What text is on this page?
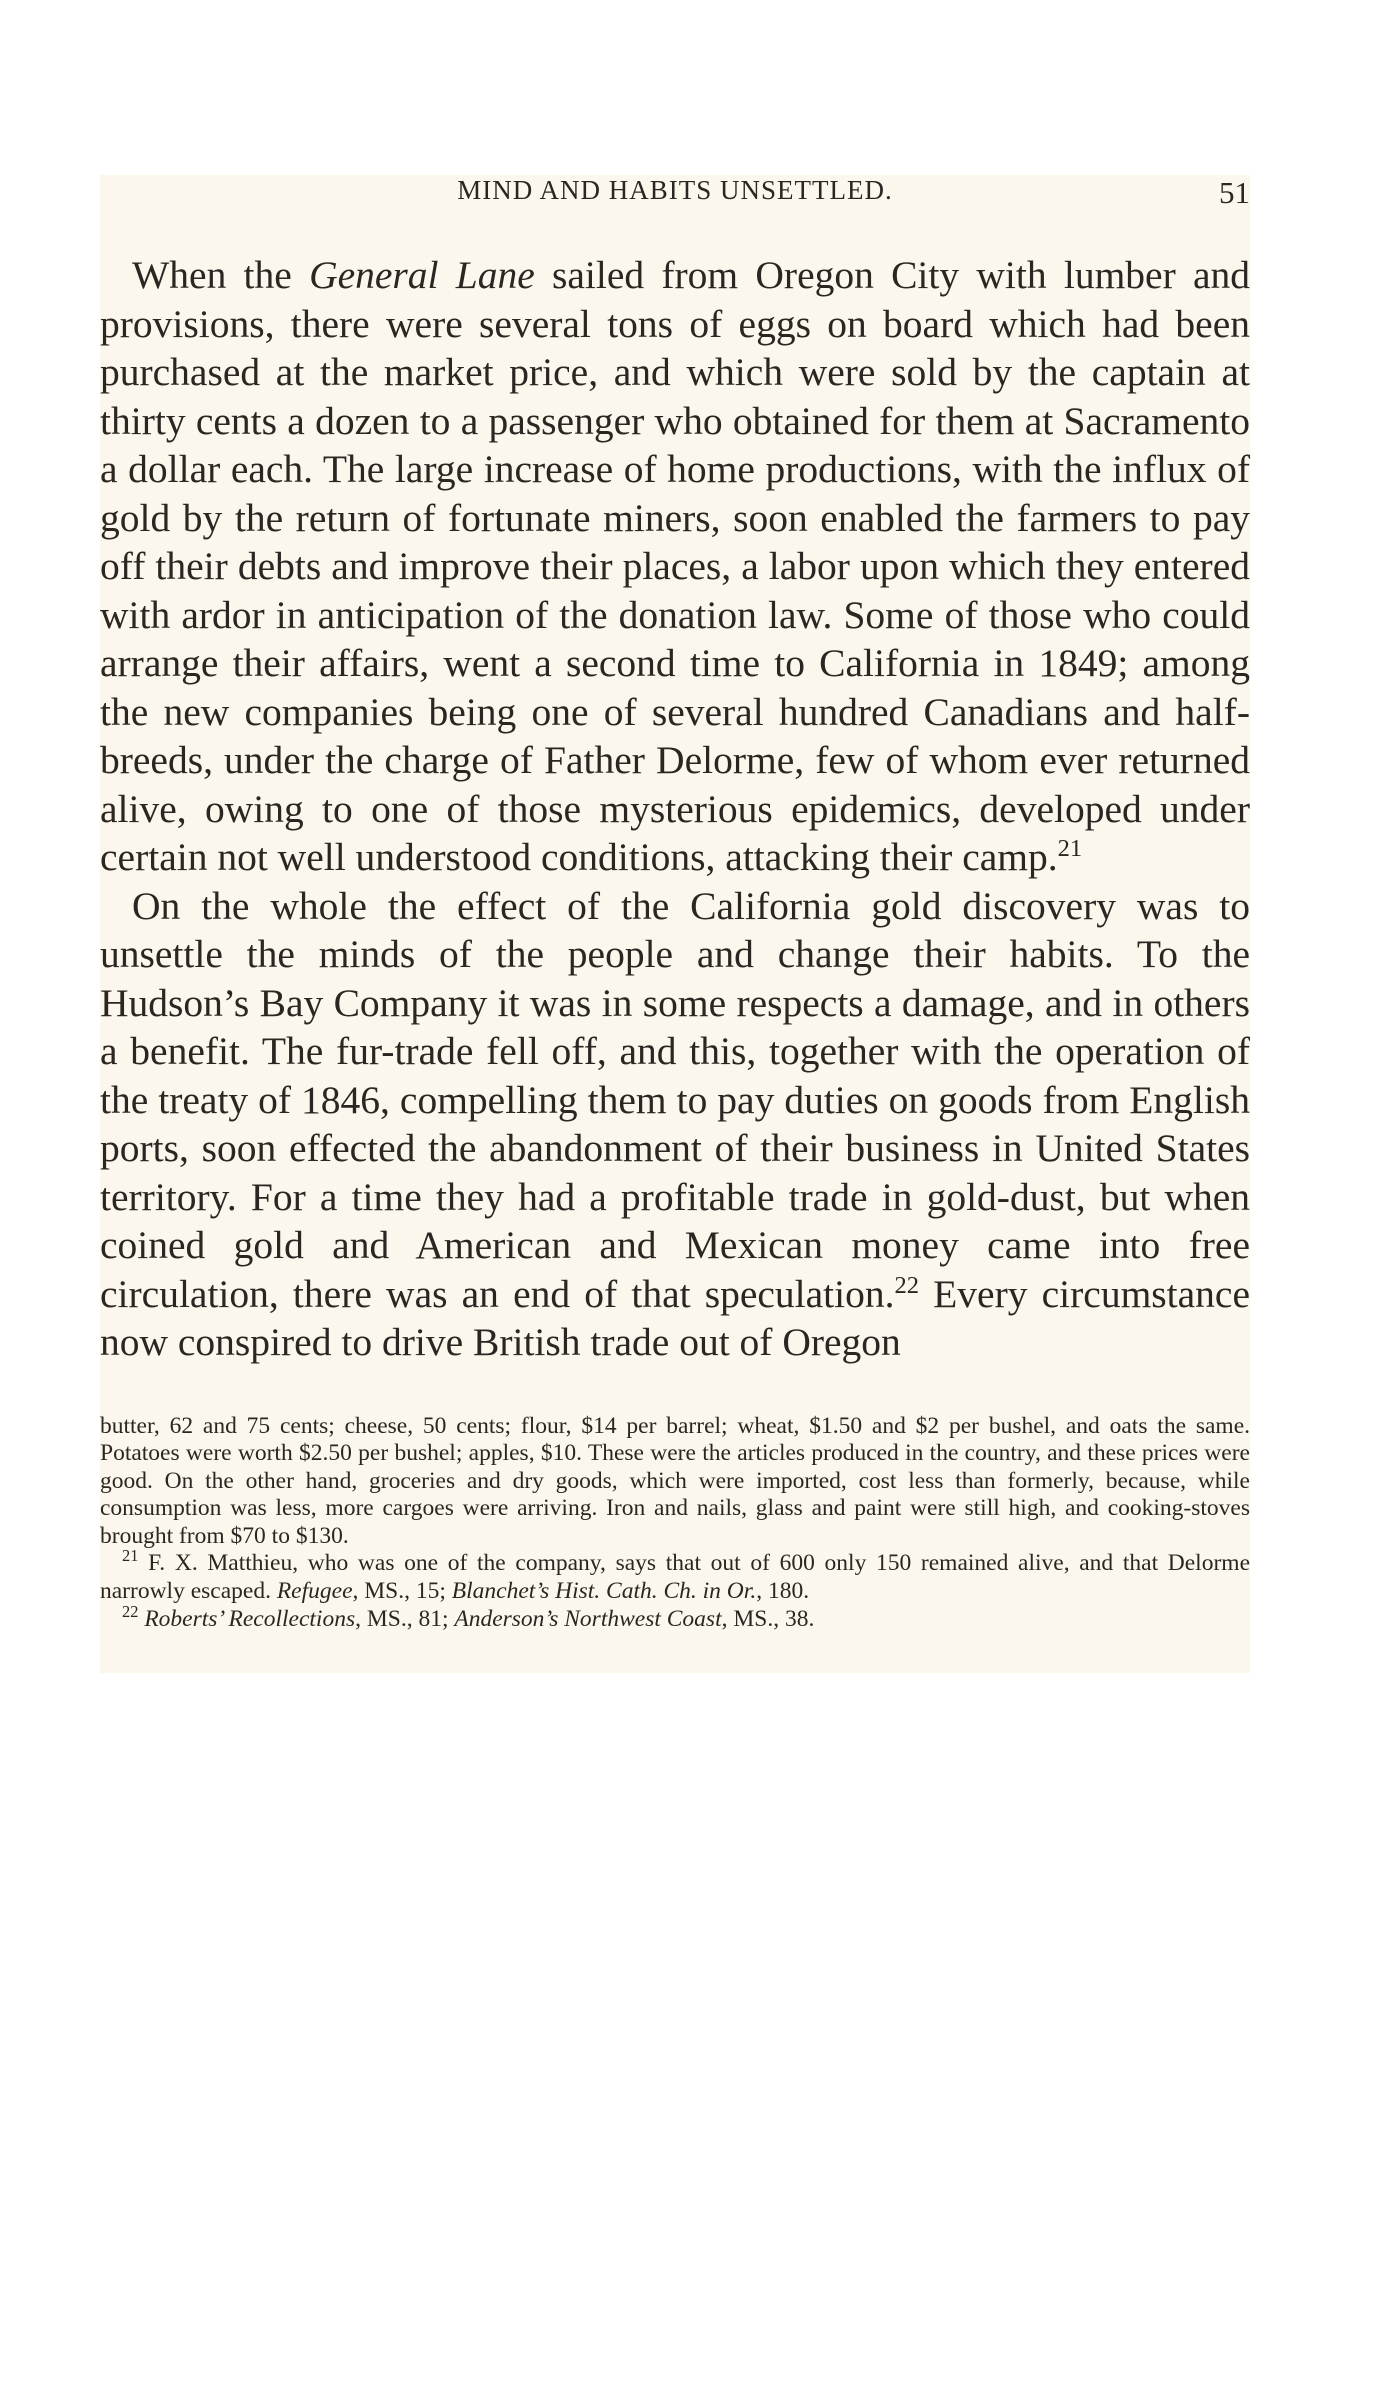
MIND AND HABITS UNSETTLED.	51

When the General Lane sailed from Oregon City with lumber and provisions, there were several tons of eggs on board which had been purchased at the market price, and which were sold by the captain at thirty cents a dozen to a passenger who obtained for them at Sacramento a dollar each. The large increase of home productions, with the influx of gold by the return of fortunate miners, soon enabled the farmers to pay off their debts and improve their places, a labor upon which they entered with ardor in anticipation of the donation law. Some of those who could arrange their affairs, went a second time to California in 1849; among the new companies being one of several hundred Canadians and half-breeds, under the charge of Father Delorme, few of whom ever returned alive, owing to one of those mysterious epidemics, developed under certain not well understood conditions, attacking their camp.$^{21}$

On the whole the effect of the California gold discovery was to unsettle the minds of the people and change their habits. To the Hudson’s Bay Company it was in some respects a damage, and in others a benefit. The fur-trade fell off, and this, together with the operation of the treaty of 1846, compelling them to pay duties on goods from English ports, soon effected the abandonment of their business in United States territory. For a time they had a profitable trade in gold-dust, but when coined gold and American and Mexican money came into free circulation, there was an end of that speculation.$^{22}$ Every circumstance now conspired to drive British trade out of Oregon

butter, 62 and 75 cents; cheese, 50 cents; flour, $14 per barrel; wheat, $1.50 and $2 per bushel, and oats the same. Potatoes were worth $2.50 per bushel; apples, $10. These were the articles produced in the country, and these prices were good. On the other hand, groceries and dry goods, which were imported, cost less than formerly, because, while consumption was less, more cargoes were arriving. Iron and nails, glass and paint were still high, and cooking-stoves brought from $70 to $130.

$^{21}$ F. X. Matthieu, who was one of the company, says that out of 600 only 150 remained alive, and that Delorme narrowly escaped. Refugee, MS., 15; Blanchet’s Hist. Cath. Ch. in Or., 180.

$^{22}$ Roberts’ Recollections, MS., 81; Anderson’s Northwest Coast, MS., 38.
